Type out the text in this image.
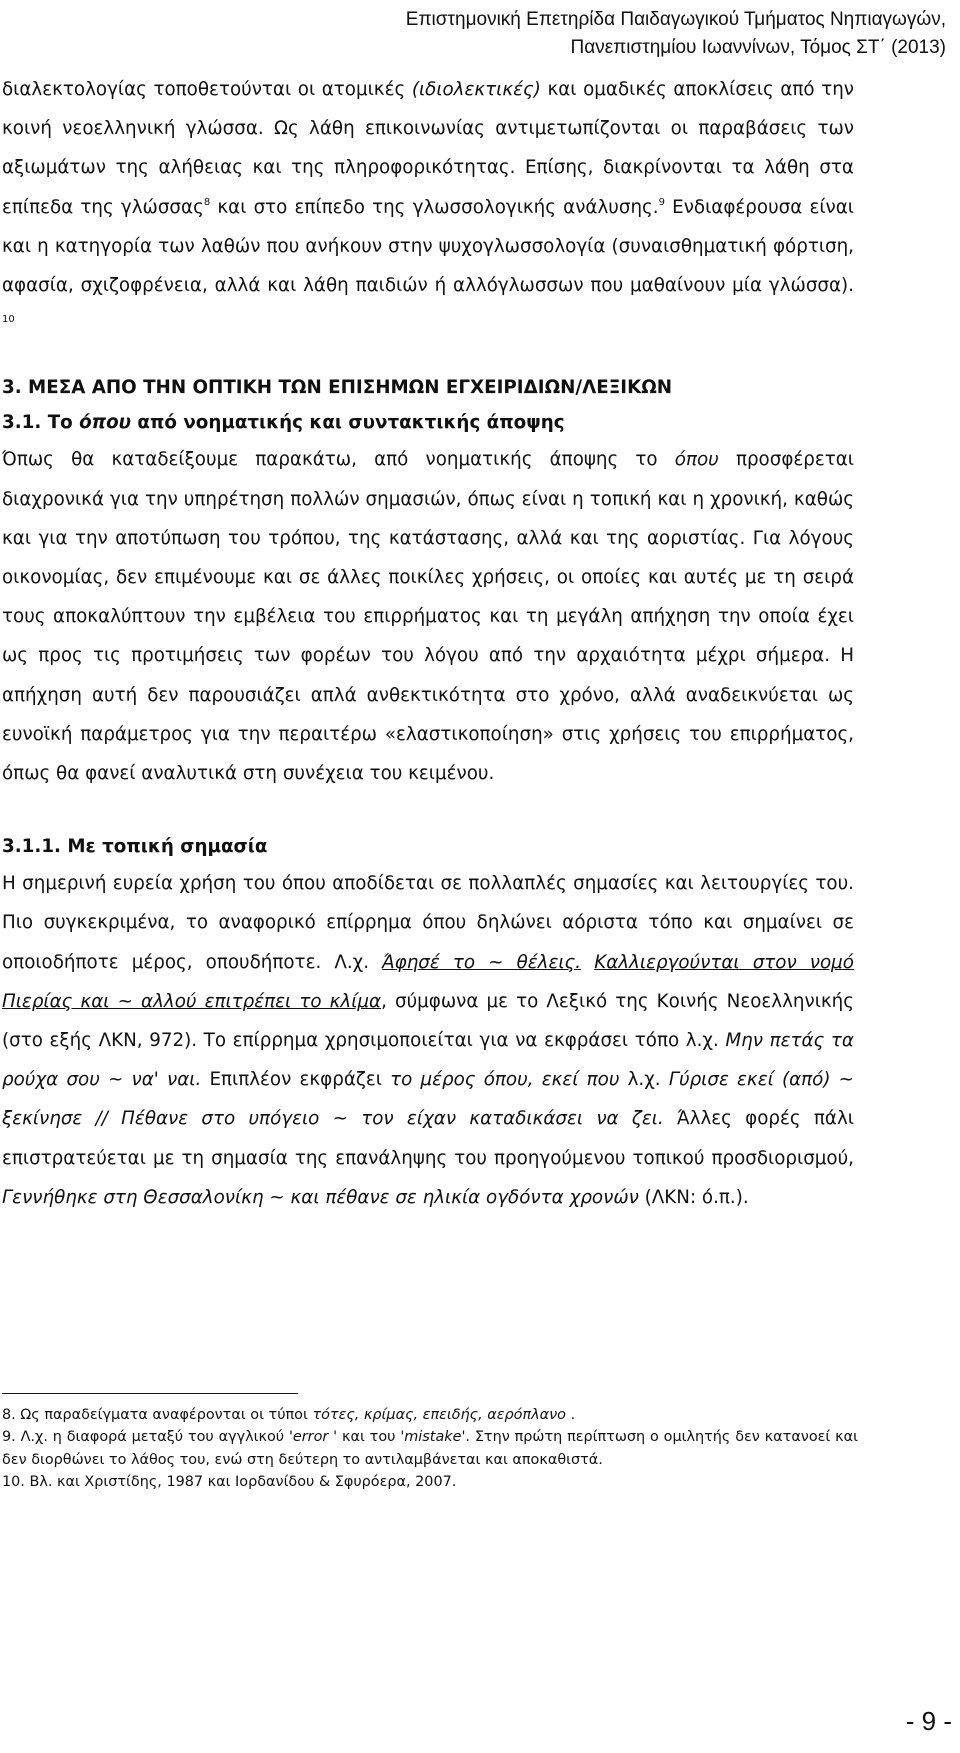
Επιστημονική Επετηρίδα Παιδαγωγικού Τμήματος Νηπιαγωγών,
Πανεπιστημίου Ιωαννίνων, Τόμος ΣΤ΄ (2013)

διαλεκτολογίας τοποθετούνται οι ατομικές (ιδιολεκτικές) και ομαδικές αποκλίσεις από την κοινή νεοελληνική γλώσσα. Ως λάθη επικοινωνίας αντιμετωπίζονται οι παραβάσεις των αξιωμάτων της αλήθειας και της πληροφορικότητας. Επίσης, διακρίνονται τα λάθη στα επίπεδα της γλώσσας$^8$ και στο επίπεδο της γλωσσολογικής ανάλυσης.$^9$ Ενδιαφέρουσα είναι και η κατηγορία των λαθών που ανήκουν στην ψυχογλωσσολογία (συναισθηματική φόρτιση, αφασία, σχιζοφρένεια, αλλά και λάθη παιδιών ή αλλόγλωσσων που μαθαίνουν μία γλώσσα). $^{10}$

3. ΜΕΣΑ ΑΠΟ ΤΗΝ ΟΠΤΙΚΗ ΤΩΝ ΕΠΙΣΗΜΩΝ ΕΓΧΕΙΡΙΔΙΩΝ/ΛΕΞΙΚΩΝ

3.1. Το όπου από νοηματικής και συντακτικής άποψης

Όπως θα καταδείξουμε παρακάτω, από νοηματικής άποψης το όπου προσφέρεται διαχρονικά για την υπηρέτηση πολλών σημασιών, όπως είναι η τοπική και η χρονική, καθώς και για την αποτύπωση του τρόπου, της κατάστασης, αλλά και της αοριστίας. Για λόγους οικονομίας, δεν επιμένουμε και σε άλλες ποικίλες χρήσεις, οι οποίες και αυτές με τη σειρά τους αποκαλύπτουν την εμβέλεια του επιρρήματος και τη μεγάλη απήχηση την οποία έχει ως προς τις προτιμήσεις των φορέων του λόγου από την αρχαιότητα μέχρι σήμερα. Η απήχηση αυτή δεν παρουσιάζει απλά ανθεκτικότητα στο χρόνο, αλλά αναδεικνύεται ως ευνοϊκή παράμετρος για την περαιτέρω «ελαστικοποίηση» στις χρήσεις του επιρρήματος, όπως θα φανεί αναλυτικά στη συνέχεια του κειμένου.

3.1.1. Με τοπική σημασία

Η σημερινή ευρεία χρήση του όπου αποδίδεται σε πολλαπλές σημασίες και λειτουργίες του. Πιο συγκεκριμένα, το αναφορικό επίρρημα όπου δηλώνει αόριστα τόπο και σημαίνει σε οποιοδήποτε μέρος, οπουδήποτε. Λ.χ. Άφησέ το ~ θέλεις. Καλλιεργούνται στον νομό Πιερίας και ~ αλλού επιτρέπει το κλίμα, σύμφωνα με το Λεξικό της Κοινής Νεοελληνικής (στο εξής ΛΚΝ, 972). Το επίρρημα χρησιμοποιείται για να εκφράσει τόπο λ.χ. Μην πετάς τα ρούχα σου ~ να' ναι. Επιπλέον εκφράζει το μέρος όπου, εκεί που λ.χ. Γύρισε εκεί (από) ~ ξεκίνησε // Πέθανε στο υπόγειο ~ τον είχαν καταδικάσει να ζει. Άλλες φορές πάλι επιστρατεύεται με τη σημασία της επανάληψης του προηγούμενου τοπικού προσδιορισμού, Γεννήθηκε στη Θεσσαλονίκη ~ και πέθανε σε ηλικία ογδόντα χρονών (ΛΚΝ: ό.π.).

8. Ως παραδείγματα αναφέρονται οι τύποι τότες, κρίμας, επειδής, αερόπλανο .

9. Λ.χ. η διαφορά μεταξύ του αγγλικού 'error ' και του 'mistake'. Στην πρώτη περίπτωση ο ομιλητής δεν κατανοεί και δεν διορθώνει το λάθος του, ενώ στη δεύτερη το αντιλαμβάνεται και αποκαθιστά.

10. Βλ. και Χριστίδης, 1987 και Ιορδανίδου & Σφυρόερα, 2007.

- 9 -
